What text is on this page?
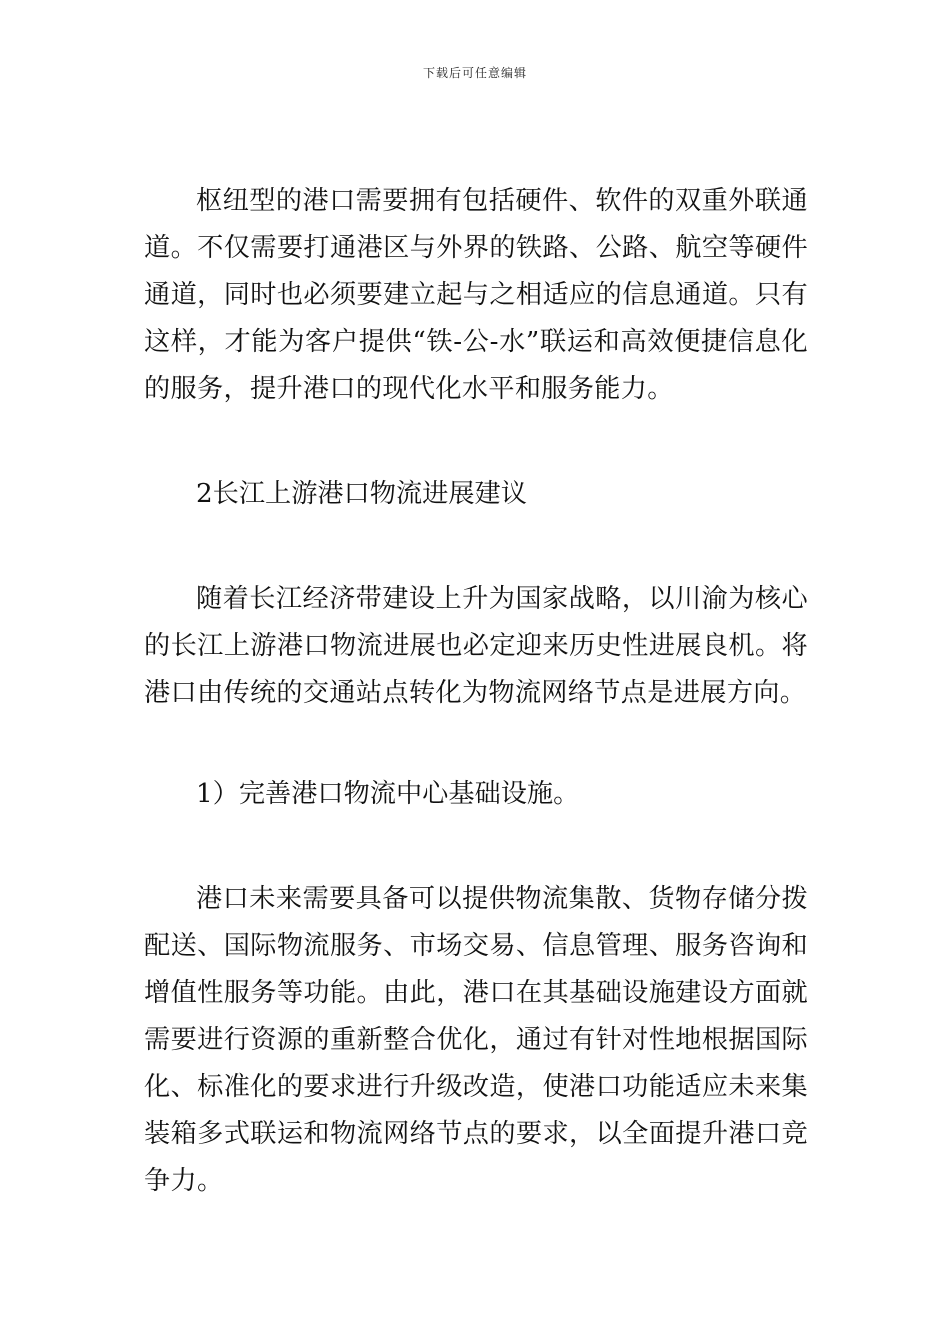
下载后可任意编辑

枢纽型的港口需要拥有包括硬件、软件的双重外联通道。不仅需要打通港区与外界的铁路、公路、航空等硬件通道，同时也必须要建立起与之相适应的信息通道。只有这样，才能为客户提供“铁-公-水”联运和高效便捷信息化的服务，提升港口的现代化水平和服务能力。

2长江上游港口物流进展建议

随着长江经济带建设上升为国家战略，以川渝为核心的长江上游港口物流进展也必定迎来历史性进展良机。将港口由传统的交通站点转化为物流网络节点是进展方向。

1）完善港口物流中心基础设施。

港口未来需要具备可以提供物流集散、货物存储分拨配送、国际物流服务、市场交易、信息管理、服务咨询和增值性服务等功能。由此，港口在其基础设施建设方面就需要进行资源的重新整合优化，通过有针对性地根据国际化、标准化的要求进行升级改造，使港口功能适应未来集装箱多式联运和物流网络节点的要求，以全面提升港口竞争力。
